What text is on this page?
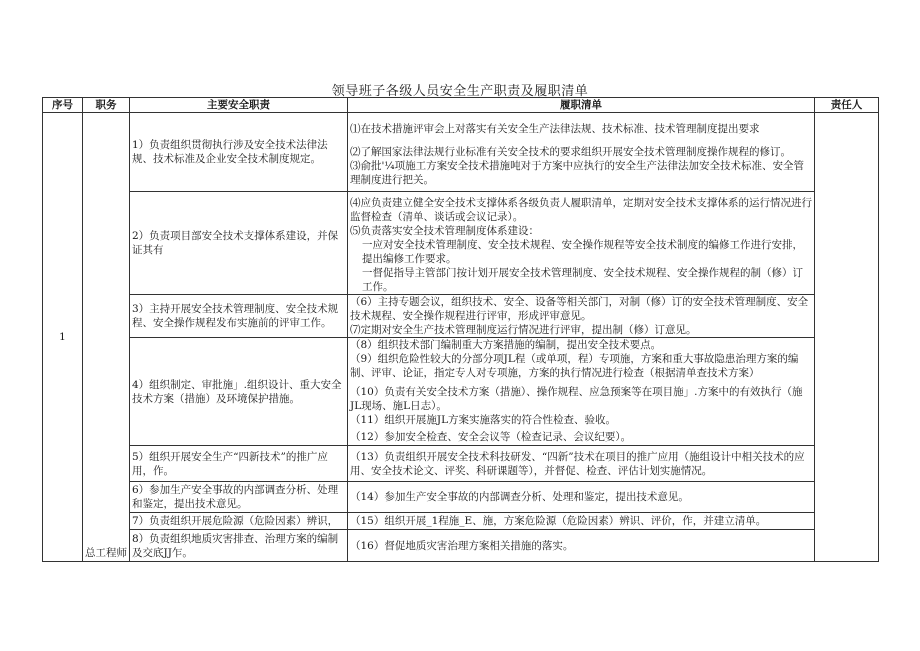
领导班子各级人员安全生产职责及履职清单
序号	职务	主要安全职责	履职清单	责任人
1	总工程师	1）负责组织贯彻执行涉及安全技术法律法规、技术标准及企业安全技术制度规定。	⑴在技术措施评审会上对落实有关安全生产法律法规、技术标准、技术管理制度提出要求
⑵了解国家法律法规行业标准有关安全技术的要求组织开展安全技术管理制度操作规程的修订。
⑶俞批'¼项施工方案安全技术措施吨对于方案中应执行的安全生产法律法加安全技术标准、安全管理制度进行把关。	

		2）负责项目部安全技术支撑体系建设，并保证其有	⑷应负责建立健全安全技术支撑体系各级负责人履职清单，定期对安全技术支撑体系的运行情况进行监督检查（清单、谈话或会议记录）。
⑸负责落实安全技术管理制度体系建设：
一应对安全技术管理制度、安全技术规程、安全操作规程等安全技术制度的编修工作进行安排，提出编修工作要求。
一督促指导主管部门按计划开展安全技术管理制度、安全技术规程、安全操作规程的制（修）订工作。	

		3）主持开展安全技术管理制度、安全技术规程、安全操作规程发布实施前的评审工作。	（6）主持专题会议，组织技术、安全、设备等相关部门，对制（修）订的安全技术管理制度、安全技术规程、安全操作规程进行评审，形成评审意见。
⑺定期对安全生产技术管理制度运行情况进行评审，提出制（修）订意见。	

		4）组织制定、审批施」.组织设计、重大安全技术方案（措施）及环境保护措施。	（8）组织技术部门编制重大方案措施的编制，提出安全技术要点。
（9）组织危险性较大的分部分项JL程（或单项，程）专项施，方案和重大事故隐患治理方案的编制、评审、论证，指定专人对专项施，方案的执行情况进行检查（根据清单查技术方案）
（10）负责有关安全技术方案（措施）、操作规程、应急预案等在项目施」.方案中的有效执行（施JL现场、施L日志）。
（11）组织开展施JL方案实施落实的符合性检查、验收。
（12）参加安全检查、安全会议等（检查记录、会议纪要）。	

		5）组织开展安全生产“四新技术”的推广应用，作。	（13）负责组织开展安全技术科技研发、“四新”技术在项目的推广应用（施组设计中相关技术的应用、安全技术论文、评奖、科研课题等），并督促、检查、评估计划实施情况。	

		6）参加生产安全事故的内部调查分析、处理和鉴定，提出技术意见。	（14）参加生产安全事故的内部调查分析、处理和鉴定，提出技术意见。	

		7）负责组织开展危险源（危险因素）辨识，	（15）组织开展_1程施_E、施，方案危险源（危险因素）辨识、评价，作，并建立清单。	

		8）负责组织地质灾害排查、治理方案的编制及交底JJ乍。	（16）督促地质灾害治理方案相关措施的落实。	
